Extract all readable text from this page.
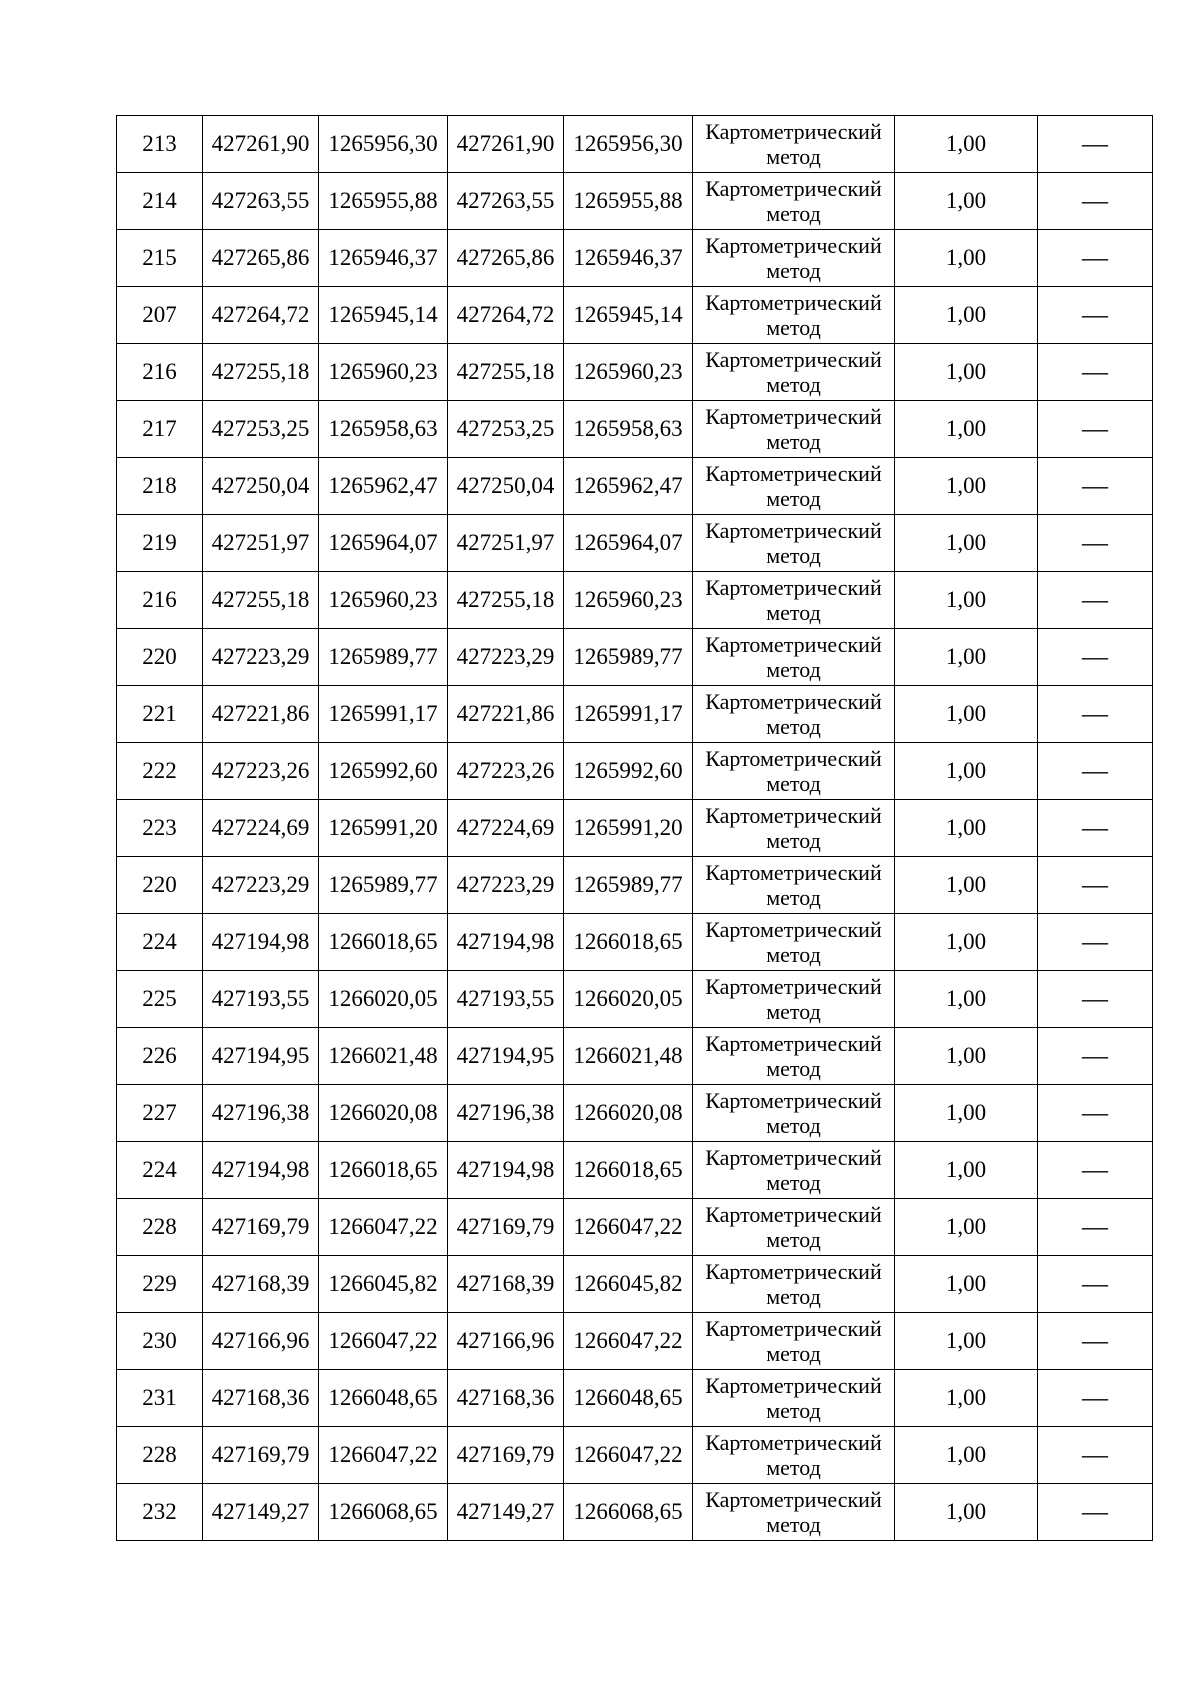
213	427261,90	1265956,30	427261,90	1265956,30	Картометрический
метод	1,00	—
214	427263,55	1265955,88	427263,55	1265955,88	Картометрический
метод	1,00	—
215	427265,86	1265946,37	427265,86	1265946,37	Картометрический
метод	1,00	—
207	427264,72	1265945,14	427264,72	1265945,14	Картометрический
метод	1,00	—
216	427255,18	1265960,23	427255,18	1265960,23	Картометрический
метод	1,00	—
217	427253,25	1265958,63	427253,25	1265958,63	Картометрический
метод	1,00	—
218	427250,04	1265962,47	427250,04	1265962,47	Картометрический
метод	1,00	—
219	427251,97	1265964,07	427251,97	1265964,07	Картометрический
метод	1,00	—
216	427255,18	1265960,23	427255,18	1265960,23	Картометрический
метод	1,00	—
220	427223,29	1265989,77	427223,29	1265989,77	Картометрический
метод	1,00	—
221	427221,86	1265991,17	427221,86	1265991,17	Картометрический
метод	1,00	—
222	427223,26	1265992,60	427223,26	1265992,60	Картометрический
метод	1,00	—
223	427224,69	1265991,20	427224,69	1265991,20	Картометрический
метод	1,00	—
220	427223,29	1265989,77	427223,29	1265989,77	Картометрический
метод	1,00	—
224	427194,98	1266018,65	427194,98	1266018,65	Картометрический
метод	1,00	—
225	427193,55	1266020,05	427193,55	1266020,05	Картометрический
метод	1,00	—
226	427194,95	1266021,48	427194,95	1266021,48	Картометрический
метод	1,00	—
227	427196,38	1266020,08	427196,38	1266020,08	Картометрический
метод	1,00	—
224	427194,98	1266018,65	427194,98	1266018,65	Картометрический
метод	1,00	—
228	427169,79	1266047,22	427169,79	1266047,22	Картометрический
метод	1,00	—
229	427168,39	1266045,82	427168,39	1266045,82	Картометрический
метод	1,00	—
230	427166,96	1266047,22	427166,96	1266047,22	Картометрический
метод	1,00	—
231	427168,36	1266048,65	427168,36	1266048,65	Картометрический
метод	1,00	—
228	427169,79	1266047,22	427169,79	1266047,22	Картометрический
метод	1,00	—
232	427149,27	1266068,65	427149,27	1266068,65	Картометрический
метод	1,00	—
